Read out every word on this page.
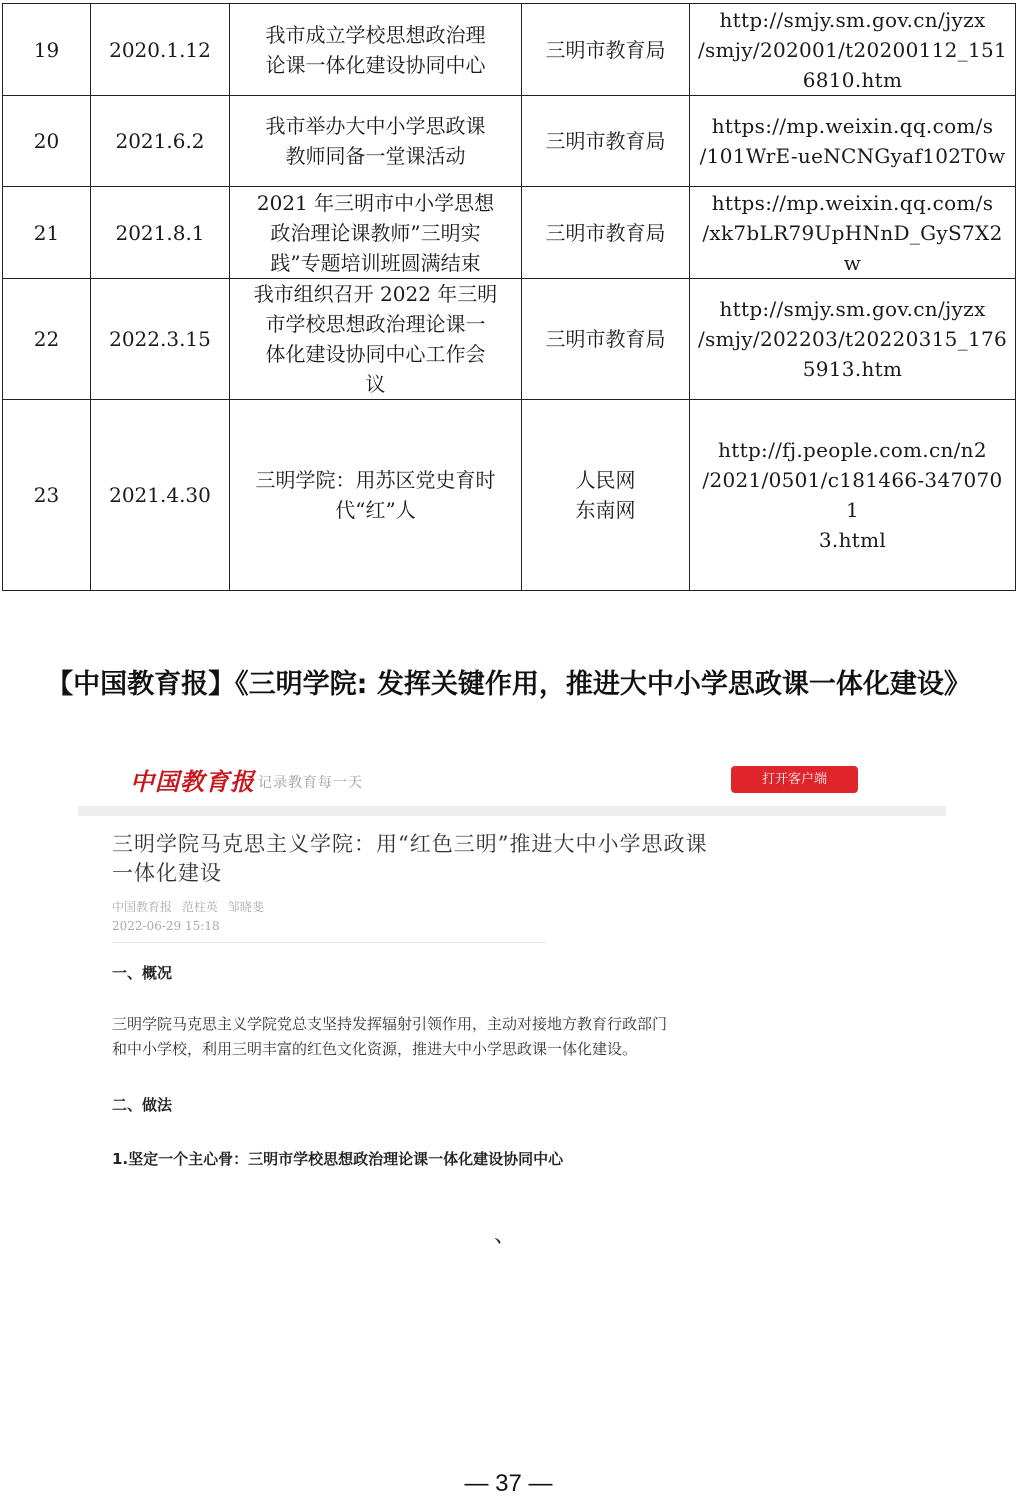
19	2020.1.12	我市成立学校思想政治理
论课一体化建设协同中心	三明市教育局	http://smjy.sm.gov.cn/jyzx
/smjy/202001/t20200112_151
6810.htm

20	2021.6.2	我市举办大中小学思政课
教师同备一堂课活动	三明市教育局	https://mp.weixin.qq.com/s
/101WrE-ueNCNGyaf102T0w

21	2021.8.1	2021 年三明市中小学思想
政治理论课教师”三明实
践”专题培训班圆满结束	三明市教育局	https://mp.weixin.qq.com/s
/xk7bLR79UpHNnD_GyS7X2w

22	2022.3.15	我市组织召开 2022 年三明
市学校思想政治理论课一
体化建设协同中心工作会
议	三明市教育局	http://smjy.sm.gov.cn/jyzx
/smjy/202203/t20220315_176
5913.htm

23	2021.4.30	三明学院：用苏区党史育时
代“红”人	人民网
东南网	http://fj.people.com.cn/n2
/2021/0501/c181466-3470701
3.html
【中国教育报】《三明学院: 发挥关键作用，推进大中小学思政课一体化建设》
中国教育报 记录教育每一天	打开客户端
三明学院马克思主义学院：用“红色三明”推进大中小学思政课
一体化建设
中国教育报 范柱英 邹晓斐
2022-06-29 15:18
一、概况
三明学院马克思主义学院党总支坚持发挥辐射引领作用，主动对接地方教育行政部门
和中小学校，利用三明丰富的红色文化资源，推进大中小学思政课一体化建设。
二、做法
1.坚定一个主心骨：三明市学校思想政治理论课一体化建设协同中心
、
— 37 —
